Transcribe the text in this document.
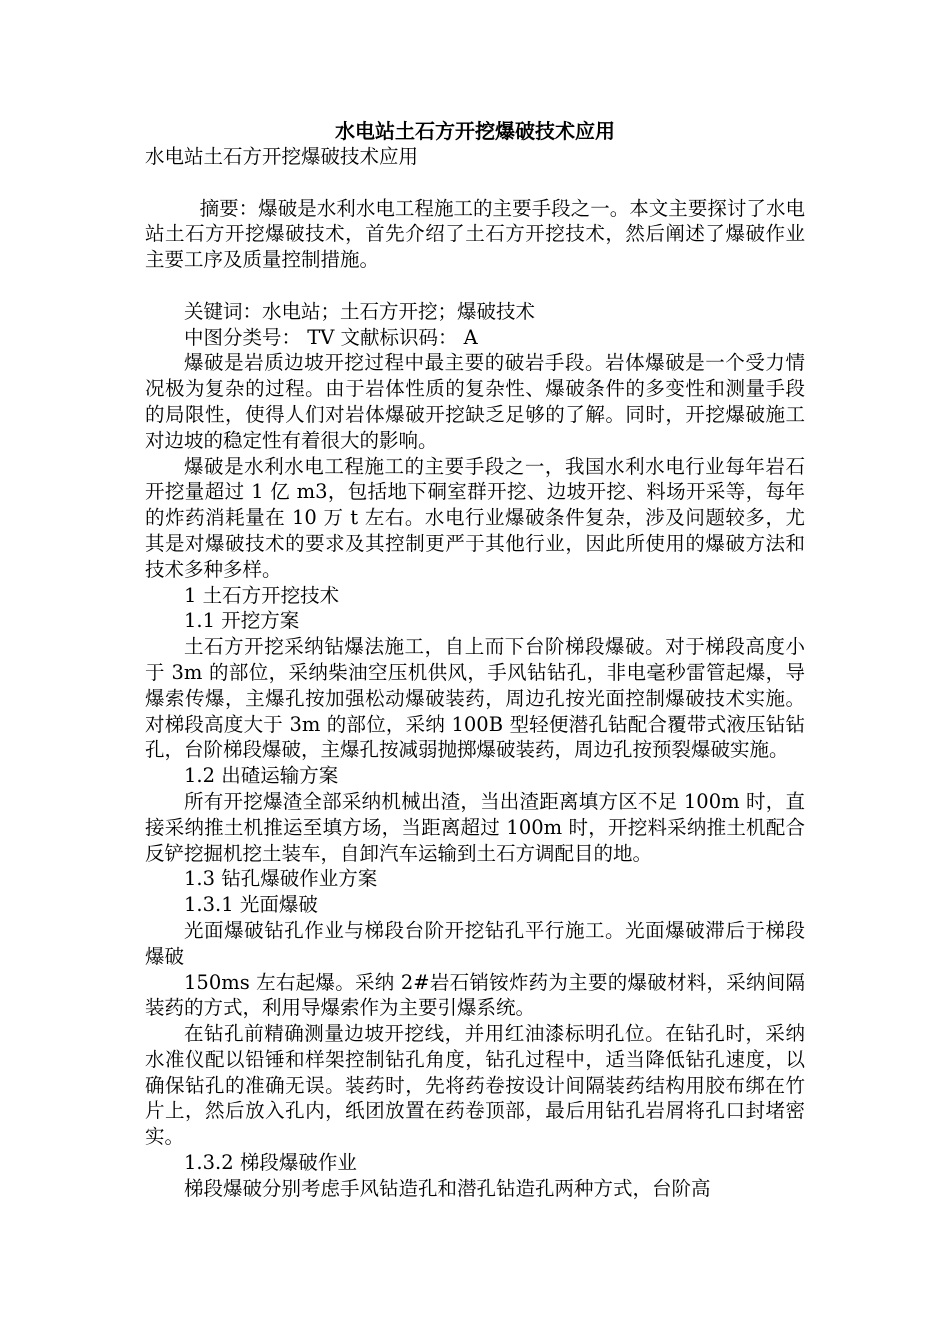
水电站土石方开挖爆破技术应用

水电站土石方开挖爆破技术应用

摘要：爆破是水利水电工程施工的主要手段之一。本文主要探讨了水电站土石方开挖爆破技术，首先介绍了土石方开挖技术，然后阐述了爆破作业主要工序及质量控制措施。

关键词：水电站；土石方开挖；爆破技术

中图分类号： TV 文献标识码： A

爆破是岩质边坡开挖过程中最主要的破岩手段。岩体爆破是一个受力情况极为复杂的过程。由于岩体性质的复杂性、爆破条件的多变性和测量手段的局限性，使得人们对岩体爆破开挖缺乏足够的了解。同时，开挖爆破施工对边坡的稳定性有着很大的影响。

爆破是水利水电工程施工的主要手段之一，我国水利水电行业每年岩石开挖量超过 1 亿 m3，包括地下硐室群开挖、边坡开挖、料场开采等，每年的炸药消耗量在 10 万 t 左右。水电行业爆破条件复杂，涉及问题较多，尤其是对爆破技术的要求及其控制更严于其他行业，因此所使用的爆破方法和技术多种多样。

1 土石方开挖技术

1.1 开挖方案

土石方开挖采纳钻爆法施工，自上而下台阶梯段爆破。对于梯段高度小于 3m 的部位，采纳柴油空压机供风，手风钻钻孔，非电毫秒雷管起爆，导爆索传爆，主爆孔按加强松动爆破装药，周边孔按光面控制爆破技术实施。对梯段高度大于 3m 的部位，采纳 100B 型轻便潜孔钻配合覆带式液压钻钻孔，台阶梯段爆破，主爆孔按减弱抛掷爆破装药，周边孔按预裂爆破实施。

1.2 出碴运输方案

所有开挖爆渣全部采纳机械出渣，当出渣距离填方区不足 100m 时，直接采纳推土机推运至填方场，当距离超过 100m 时，开挖料采纳推土机配合反铲挖掘机挖土装车，自卸汽车运输到土石方调配目的地。

1.3 钻孔爆破作业方案

1.3.1 光面爆破

光面爆破钻孔作业与梯段台阶开挖钻孔平行施工。光面爆破滞后于梯段爆破

150ms 左右起爆。采纳 2#岩石销铵炸药为主要的爆破材料，采纳间隔装药的方式，利用导爆索作为主要引爆系统。

在钻孔前精确测量边坡开挖线，并用红油漆标明孔位。在钻孔时，采纳水准仪配以铅锤和样架控制钻孔角度，钻孔过程中，适当降低钻孔速度，以确保钻孔的准确无误。装药时，先将药卷按设计间隔装药结构用胶布绑在竹片上，然后放入孔内，纸团放置在药卷顶部，最后用钻孔岩屑将孔口封堵密实。

1.3.2 梯段爆破作业

梯段爆破分别考虑手风钻造孔和潜孔钻造孔两种方式，台阶高
